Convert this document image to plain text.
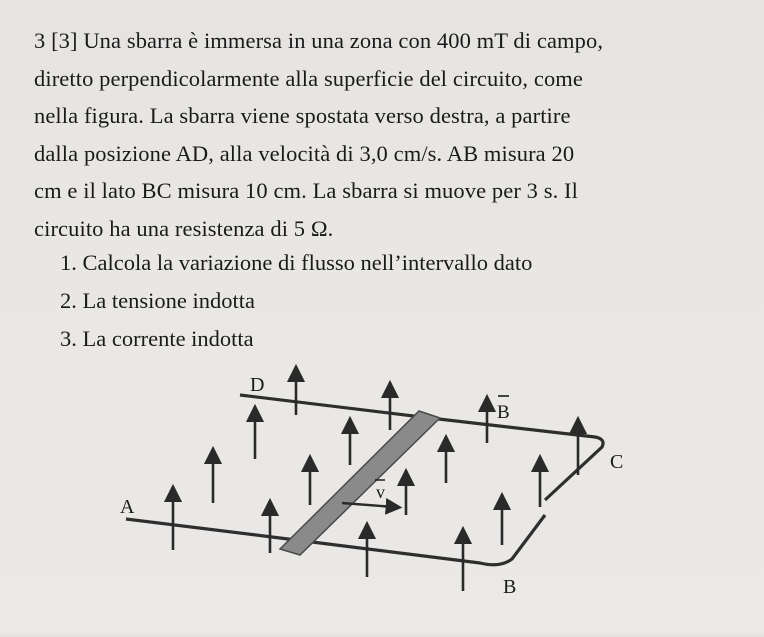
3 [3] Una sbarra è immersa in una zona con 400 mT di campo,
diretto perpendicolarmente alla superficie del circuito, come
nella figura. La sbarra viene spostata verso destra, a partire
dalla posizione AD, alla velocità di 3,0 cm/s. AB misura 20
cm e il lato BC misura 10 cm. La sbarra si muove per 3 s. Il
circuito ha una resistenza di 5 Ω.
1. Calcola la variazione di flusso nell’intervallo dato
2. La tensione indotta
3. La corrente indotta
D
A
B
C
B
v
